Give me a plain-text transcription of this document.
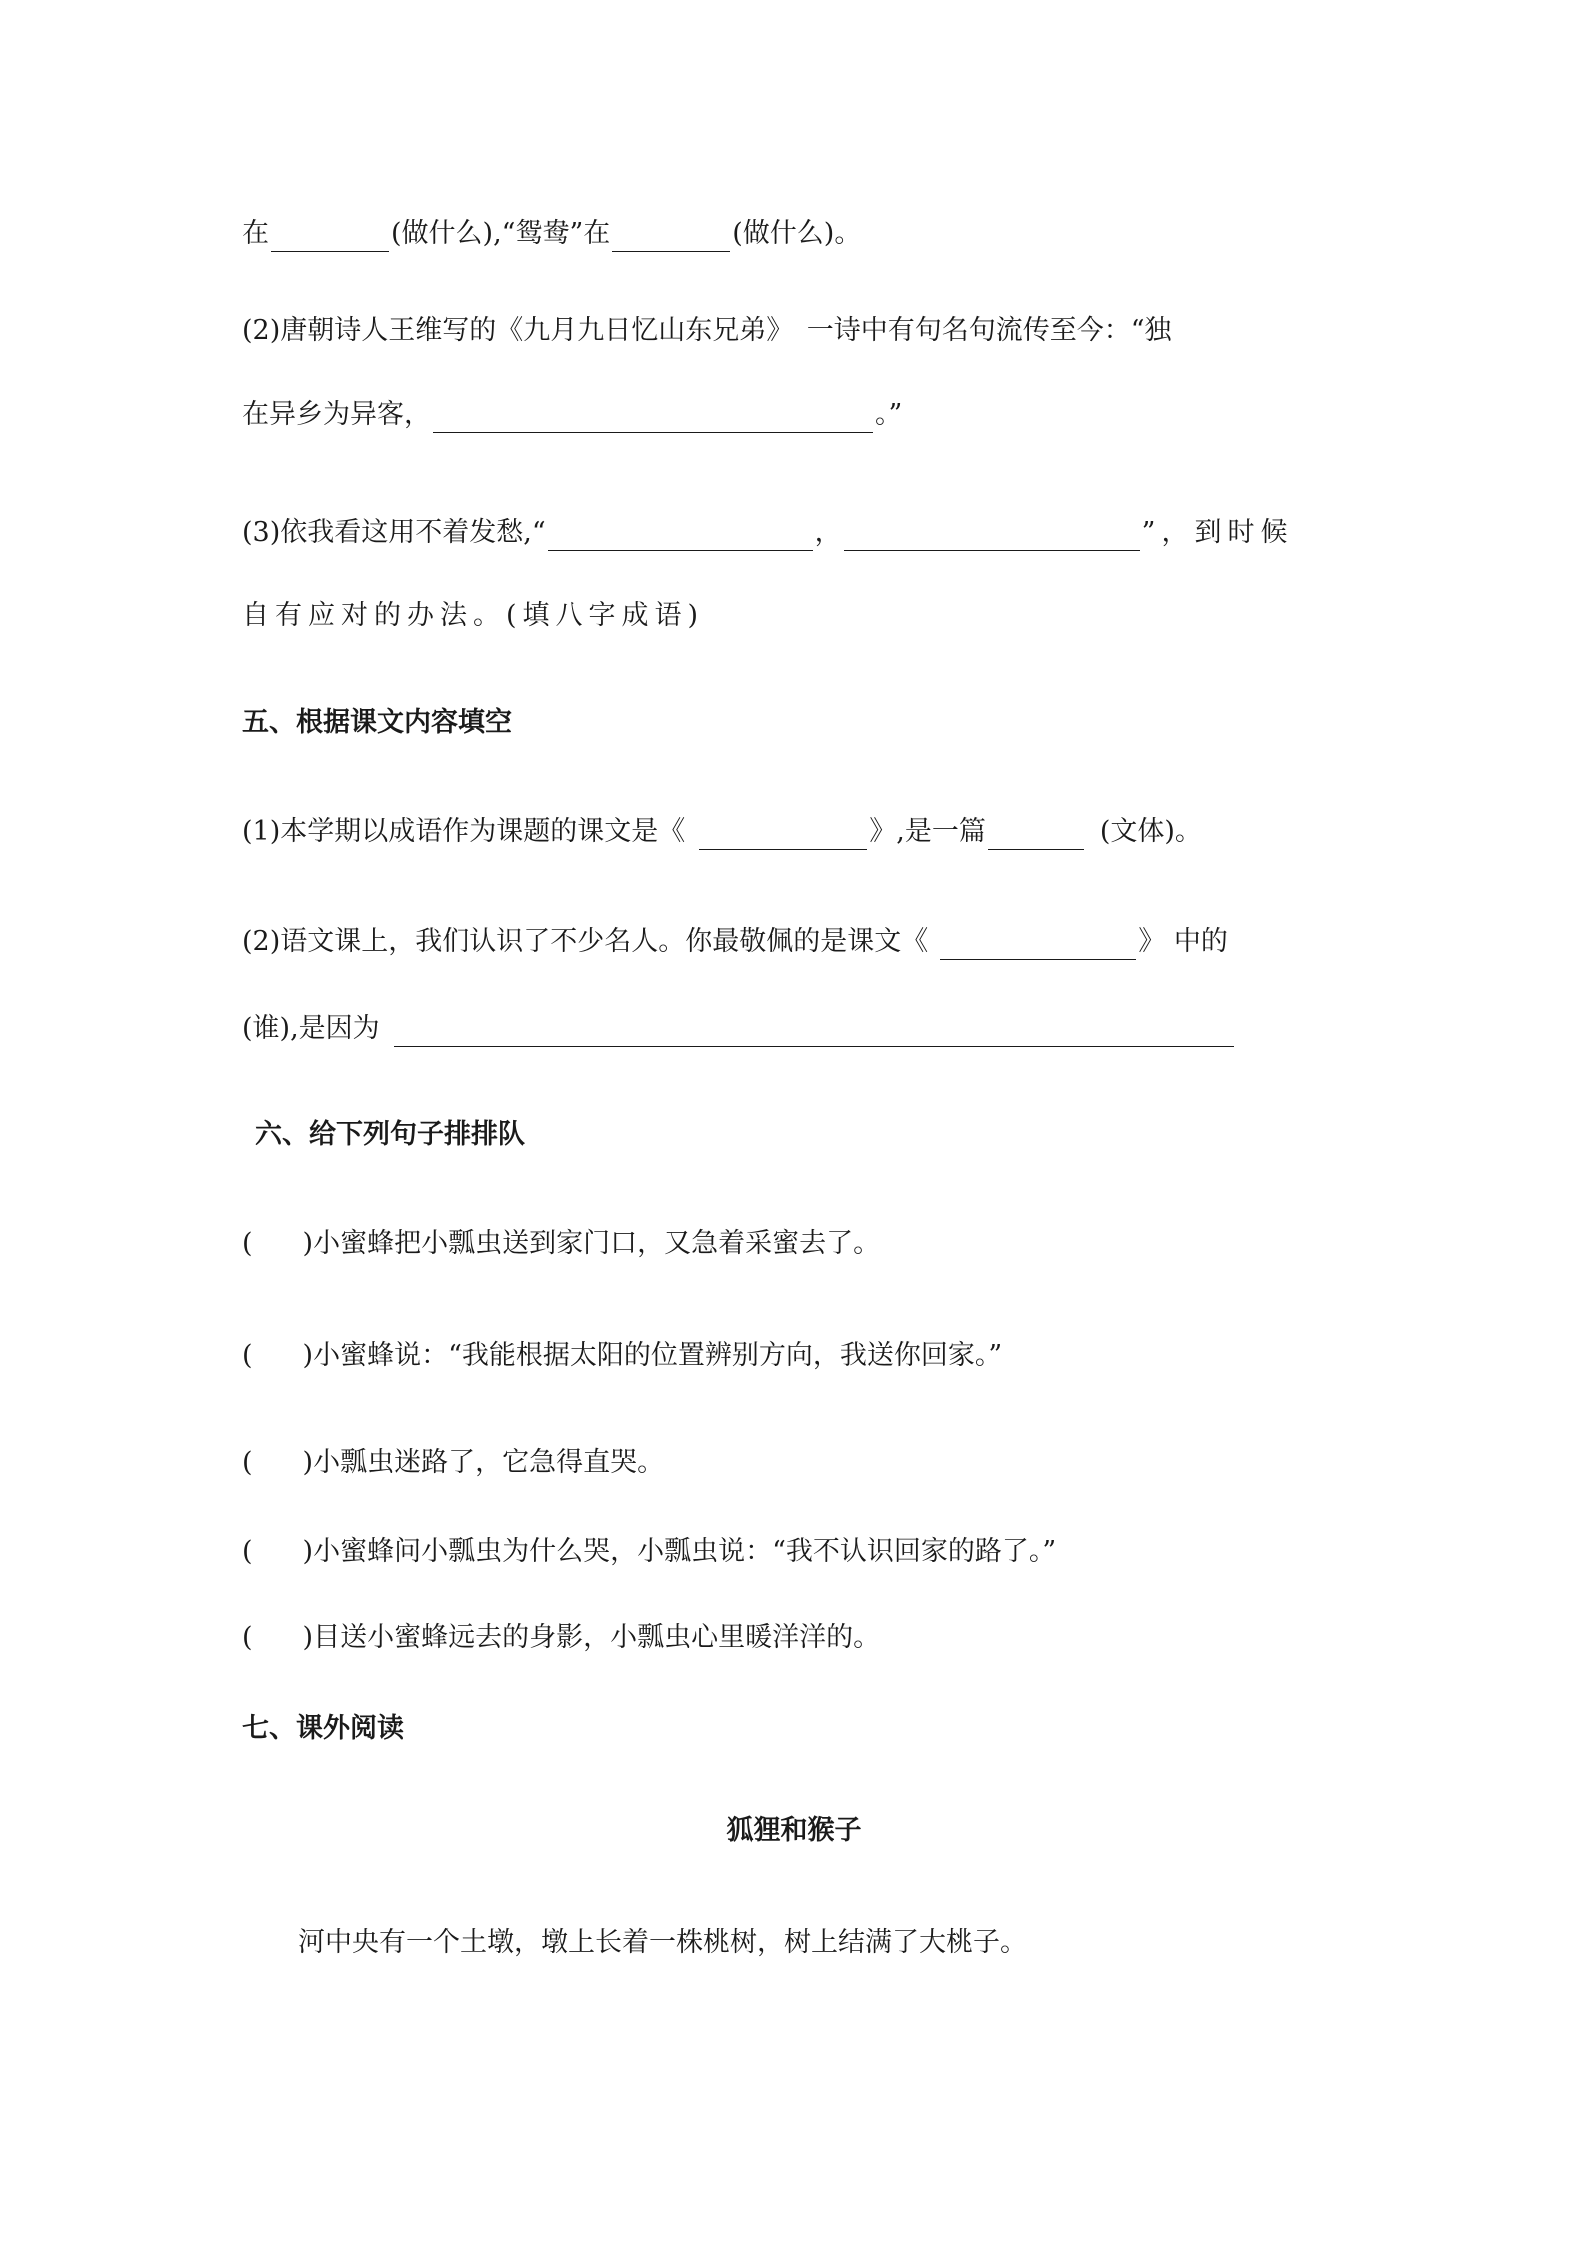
在	(做什么),“鸳鸯”在	(做什么)。
(2)唐朝诗人王维写的《九月九日忆山东兄弟》　一诗中有句名句流传至今：“独
在异乡为异客，	。”
(3)依我看这用不着发愁,“	，	”，到时候
自有应对的办法。(填八字成语)
五、根据课文内容填空
(1)本学期以成语作为课题的课文是《	》,是一篇	(文体)。
(2)语文课上，我们认识了不少名人。你最敬佩的是课文《	》 中的
(谁),是因为
六、给下列句子排排队
( )小蜜蜂把小瓢虫送到家门口，又急着采蜜去了。
( )小蜜蜂说：“我能根据太阳的位置辨别方向，我送你回家。”
( )小瓢虫迷路了，它急得直哭。
( )小蜜蜂问小瓢虫为什么哭，小瓢虫说：“我不认识回家的路了。”
( )目送小蜜蜂远去的身影，小瓢虫心里暖洋洋的。
七、课外阅读
狐狸和猴子
河中央有一个土墩，墩上长着一株桃树，树上结满了大桃子。
